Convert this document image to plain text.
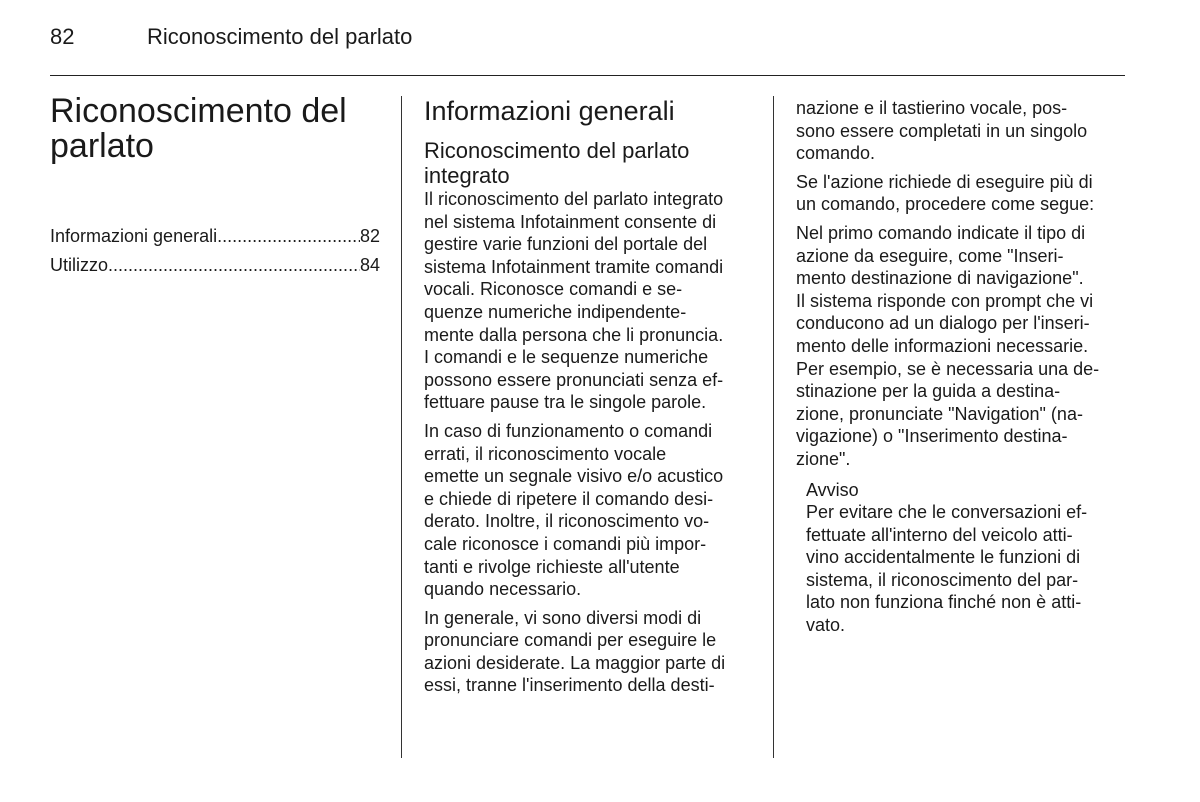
82	Riconoscimento del parlato
Riconoscimento del
parlato
Informazioni generali .....	82
Utilizzo .....	84
Informazioni generali
Riconoscimento del parlato
integrato

Il riconoscimento del parlato integrato
nel sistema Infotainment consente di
gestire varie funzioni del portale del
sistema Infotainment tramite comandi
vocali. Riconosce comandi e se-
quenze numeriche indipendente-
mente dalla persona che li pronuncia.
I comandi e le sequenze numeriche
possono essere pronunciati senza ef-
fettuare pause tra le singole parole.

In caso di funzionamento o comandi
errati, il riconoscimento vocale
emette un segnale visivo e/o acustico
e chiede di ripetere il comando desi-
derato. Inoltre, il riconoscimento vo-
cale riconosce i comandi più impor-
tanti e rivolge richieste all'utente
quando necessario.

In generale, vi sono diversi modi di
pronunciare comandi per eseguire le
azioni desiderate. La maggior parte di
essi, tranne l'inserimento della desti-

nazione e il tastierino vocale, pos-
sono essere completati in un singolo
comando.

Se l'azione richiede di eseguire più di
un comando, procedere come segue:

Nel primo comando indicate il tipo di
azione da eseguire, come "Inseri-
mento destinazione di navigazione".
Il sistema risponde con prompt che vi
conducono ad un dialogo per l'inseri-
mento delle informazioni necessarie.
Per esempio, se è necessaria una de-
stinazione per la guida a destina-
zione, pronunciate "Navigation" (na-
vigazione) o "Inserimento destina-
zione".

Avviso

Per evitare che le conversazioni ef-
fettuate all'interno del veicolo atti-
vino accidentalmente le funzioni di
sistema, il riconoscimento del par-
lato non funziona finché non è atti-
vato.
